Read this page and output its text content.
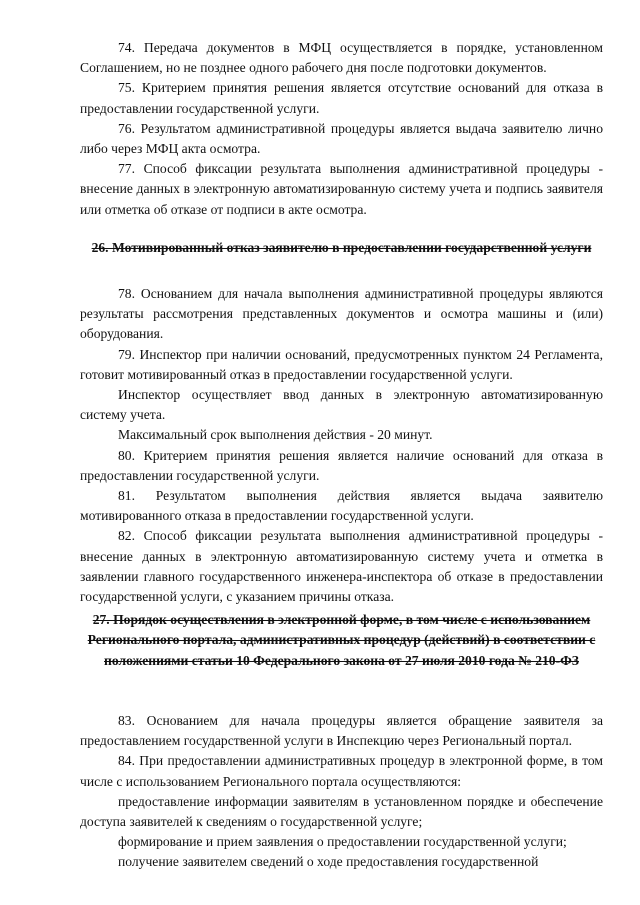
74. Передача документов в МФЦ осуществляется в порядке, установленном Соглашением, но не позднее одного рабочего дня после подготовки документов.

75. Критерием принятия решения является отсутствие оснований для отказа в предоставлении государственной услуги.

76. Результатом административной процедуры является выдача заявителю лично либо через МФЦ акта осмотра.

77. Способ фиксации результата выполнения административной процедуры - внесение данных в электронную автоматизированную систему учета и подпись заявителя или отметка об отказе от подписи в акте осмотра.

26. Мотивированный отказ заявителю в предоставлении государственной услуги

78. Основанием для начала выполнения административной процедуры являются результаты рассмотрения представленных документов и осмотра машины и (или) оборудования.

79. Инспектор при наличии оснований, предусмотренных пунктом 24 Регламента, готовит мотивированный отказ в предоставлении государственной услуги.

Инспектор осуществляет ввод данных в электронную автоматизированную систему учета.

Максимальный срок выполнения действия - 20 минут.

80. Критерием принятия решения является наличие оснований для отказа в предоставлении государственной услуги.

81. Результатом выполнения действия является выдача заявителю мотивированного отказа в предоставлении государственной услуги.

82. Способ фиксации результата выполнения административной процедуры - внесение данных в электронную автоматизированную систему учета и отметка в заявлении главного государственного инженера-инспектора об отказе в предоставлении государственной услуги, с указанием причины отказа.

27. Порядок осуществления в электронной форме, в том числе с использованием Регионального портала, административных процедур (действий) в соответствии с положениями статьи 10 Федерального закона от 27 июля 2010 года № 210-ФЗ

83. Основанием для начала процедуры является обращение заявителя за предоставлением государственной услуги в Инспекцию через Региональный портал.

84. При предоставлении административных процедур в электронной форме, в том числе с использованием Регионального портала осуществляются:

предоставление информации заявителям в установленном порядке и обеспечение доступа заявителей к сведениям о государственной услуге;

формирование и прием заявления о предоставлении государственной услуги;

получение заявителем сведений о ходе предоставления государственной
